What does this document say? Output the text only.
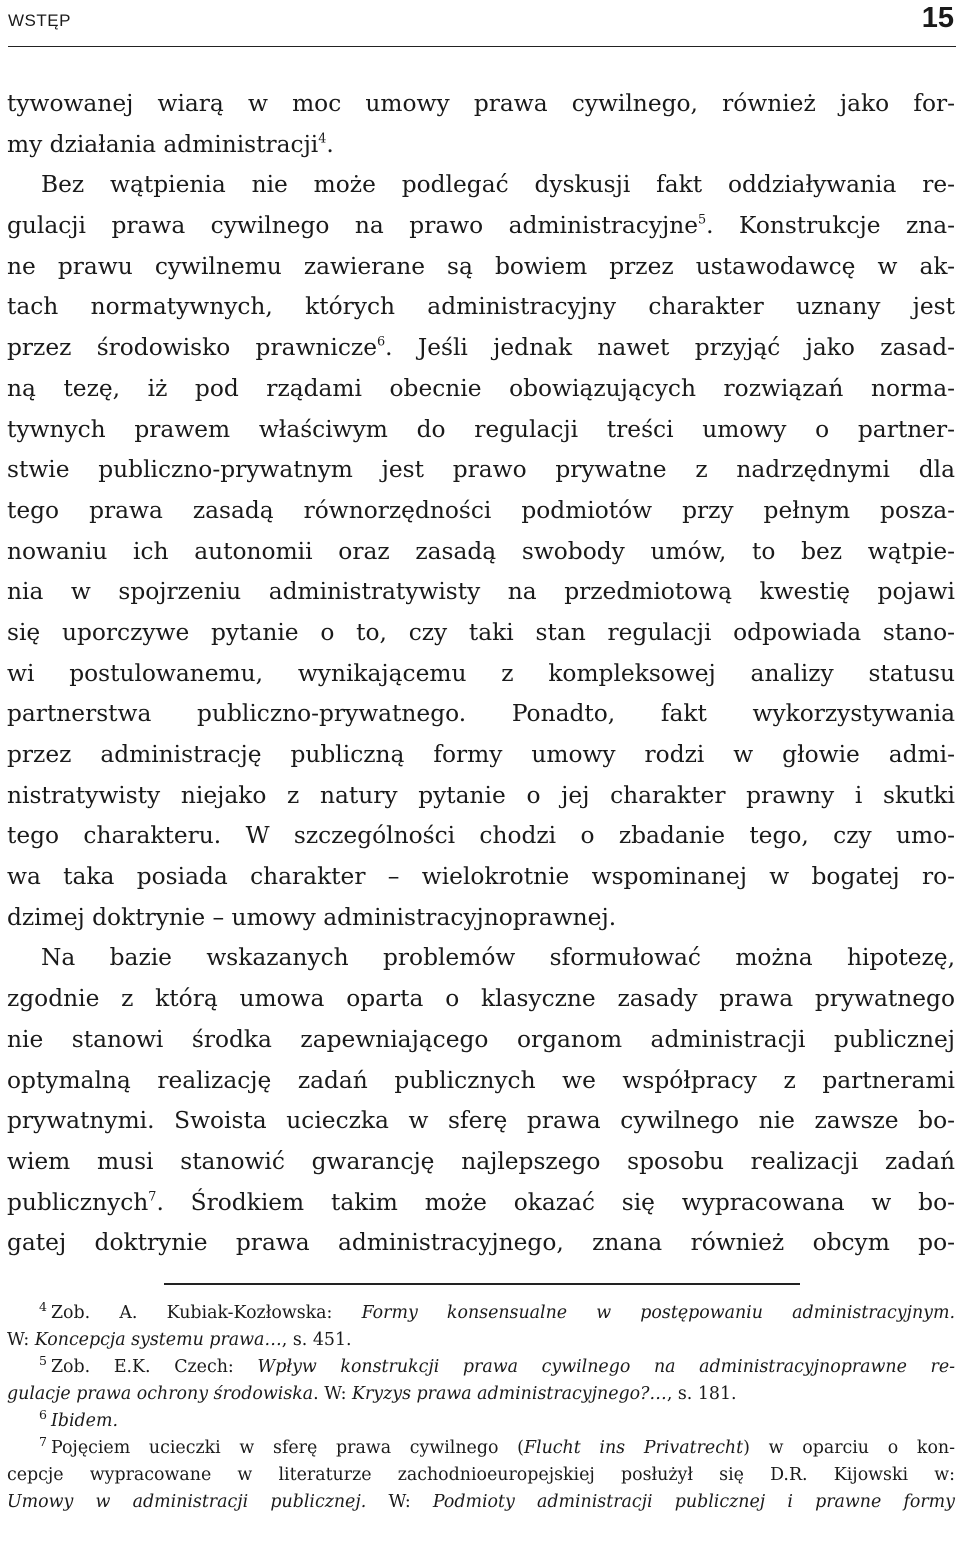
WSTĘP	15
tywowanej wiarą w moc umowy prawa cywilnego, również jako for-
my działania administracji$^4$.
Bez wątpienia nie może podlegać dyskusji fakt oddziaływania re-
gulacji prawa cywilnego na prawo administracyjne$^5$. Konstrukcje zna-
ne prawu cywilnemu zawierane są bowiem przez ustawodawcę w ak-
tach normatywnych, których administracyjny charakter uznany jest
przez środowisko prawnicze$^6$. Jeśli jednak nawet przyjąć jako zasad-
ną tezę, iż pod rządami obecnie obowiązujących rozwiązań norma-
tywnych prawem właściwym do regulacji treści umowy o partner-
stwie publiczno-prywatnym jest prawo prywatne z nadrzędnymi dla
tego prawa zasadą równorzędności podmiotów przy pełnym posza-
nowaniu ich autonomii oraz zasadą swobody umów, to bez wątpie-
nia w spojrzeniu administratywisty na przedmiotową kwestię pojawi
się uporczywe pytanie o to, czy taki stan regulacji odpowiada stano-
wi postulowanemu, wynikającemu z kompleksowej analizy statusu
partnerstwa publiczno-prywatnego. Ponadto, fakt wykorzystywania
przez administrację publiczną formy umowy rodzi w głowie admi-
nistratywisty niejako z natury pytanie o jej charakter prawny i skutki
tego charakteru. W szczególności chodzi o zbadanie tego, czy umo-
wa taka posiada charakter – wielokrotnie wspominanej w bogatej ro-
dzimej doktrynie – umowy administracyjnoprawnej.
Na bazie wskazanych problemów sformułować można hipotezę,
zgodnie z którą umowa oparta o klasyczne zasady prawa prywatnego
nie stanowi środka zapewniającego organom administracji publicznej
optymalną realizację zadań publicznych we współpracy z partnerami
prywatnymi. Swoista ucieczka w sferę prawa cywilnego nie zawsze bo-
wiem musi stanowić gwarancję najlepszego sposobu realizacji zadań
publicznych$^7$. Środkiem takim może okazać się wypracowana w bo-
gatej doktrynie prawa administracyjnego, znana również obcym po-
$^4$ Zob. A. Kubiak-Kozłowska: Formy konsensualne w postępowaniu administracyjnym.
W: Koncepcja systemu prawa…, s. 451.
$^5$ Zob. E.K. Czech: Wpływ konstrukcji prawa cywilnego na administracyjnoprawne re-
gulacje prawa ochrony środowiska. W: Kryzys prawa administracyjnego?…, s. 181.
$^6$ Ibidem.
$^7$ Pojęciem ucieczki w sferę prawa cywilnego (Flucht ins Privatrecht) w oparciu o kon-
cepcje wypracowane w literaturze zachodnioeuropejskiej posłużył się D.R. Kijowski w:
Umowy w administracji publicznej. W: Podmioty administracji publicznej i prawne formy
